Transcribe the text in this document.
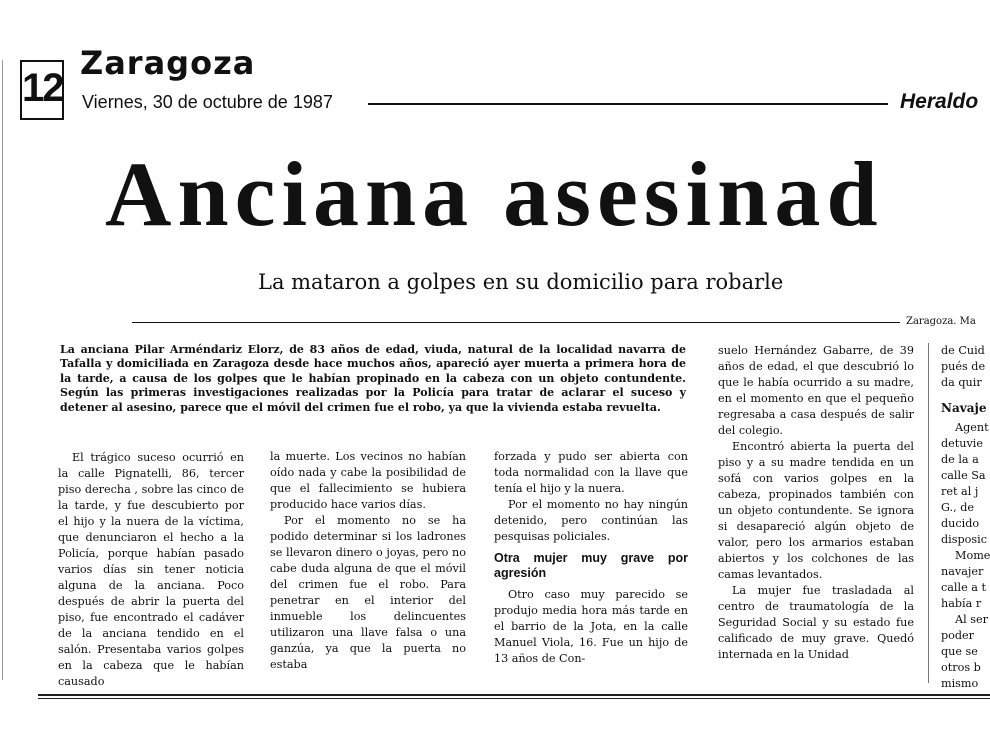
12
Zaragoza
Viernes, 30 de octubre de 1987	Heraldo
Anciana asesinad
La mataron a golpes en su domicilio para robarle
Zaragoza. Ma
La anciana Pilar Arméndariz Elorz, de 83 años de edad, viuda, natural de la localidad navarra de Tafalla y domiciliada en Zaragoza desde hace muchos años, apareció ayer muerta a primera hora de la tarde, a causa de los golpes que le habían propinado en la cabeza con un objeto contundente. Según las primeras investigaciones realizadas por la Policía para tratar de aclarar el suceso y detener al asesino, parece que el móvil del crimen fue el robo, ya que la vivienda estaba revuelta.

El trágico suceso ocurrió en la calle Pignatelli, 86, tercer piso derecha , sobre las cinco de la tarde, y fue descubierto por el hijo y la nuera de la víctima, que denunciaron el hecho a la Policía, porque habían pasado varios días sin tener noticia alguna de la anciana. Poco después de abrir la puerta del piso, fue encontrado el cadáver de la anciana tendido en el salón. Presentaba varios golpes en la cabeza que le habían causado

la muerte. Los vecinos no habían oído nada y cabe la posibilidad de que el fallecimiento se hubiera producido hace varios días.

Por el momento no se ha podido determinar si los ladrones se llevaron dinero o joyas, pero no cabe duda alguna de que el móvil del crimen fue el robo. Para penetrar en el interior del inmueble los delincuentes utilizaron una llave falsa o una ganzúa, ya que la puerta no estaba

forzada y pudo ser abierta con toda normalidad con la llave que tenía el hijo y la nuera.

Por el momento no hay ningún detenido, pero continúan las pesquisas policiales.

Otra mujer muy grave por agresión

Otro caso muy parecido se produjo media hora más tarde en el barrio de la Jota, en la calle Manuel Viola, 16. Fue un hijo de 13 años de Con-

suelo Hernández Gabarre, de 39 años de edad, el que descubrió lo que le había ocurrido a su madre, en el momento en que el pequeño regresaba a casa después de salir del colegio.

Encontró abierta la puerta del piso y a su madre tendida en un sofá con varios golpes en la cabeza, propinados también con un objeto contundente. Se ignora si desapareció algún objeto de valor, pero los armarios estaban abiertos y los colchones de las camas levantados.

La mujer fue trasladada al centro de traumatología de la Seguridad Social y su estado fue calificado de muy grave. Quedó internada en la Unidad

de Cuid

pués de

da quir

Navaje

Agent

detuvie

de la a

calle Sa

ret al j

G., de

ducido

disposic

Mome

navajer

calle a t

había r

Al ser

poder

que se

otros b

mismo
